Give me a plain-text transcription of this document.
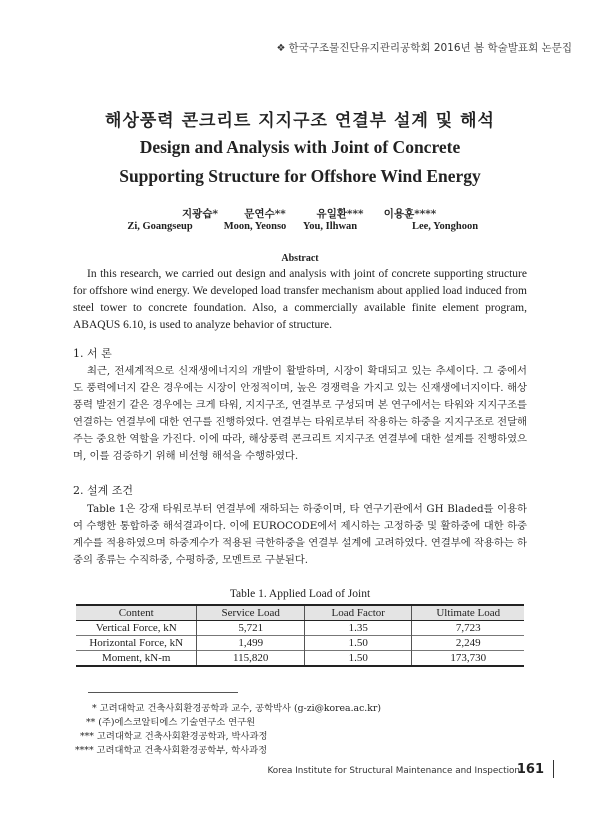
❖ 한국구조물진단유지관리공학회 2016년 봄 학술발표회 논문집
해상풍력 콘크리트 지지구조 연결부 설계 및 해석
Design and Analysis with Joint of Concrete
Supporting Structure for Offshore Wind Energy
지광습*	문연수**	유일환***	이용훈****
Zi, Goangseup	Moon, Yeonso	You, Ilhwan	Lee, Yonghoon
Abstract
In this research, we carried out design and analysis with joint of concrete supporting structure for offshore wind energy. We developed load transfer mechanism about applied load induced from steel tower to concrete foundation. Also, a commercially available finite element program, ABAQUS 6.10, is used to analyze behavior of structure.
1. 서 론
최근, 전세계적으로 신재생에너지의 개발이 활발하며, 시장이 확대되고 있는 추세이다. 그 중에서도 풍력에너지 같은 경우에는 시장이 안정적이며, 높은 경쟁력을 가지고 있는 신재생에너지이다. 해상풍력 발전기 같은 경우에는 크게 타워, 지지구조, 연결부로 구성되며 본 연구에서는 타워와 지지구조를 연결하는 연결부에 대한 연구를 진행하였다. 연결부는 타워로부터 작용하는 하중을 지지구조로 전달해주는 중요한 역할을 가진다. 이에 따라, 해상풍력 콘크리트 지지구조 연결부에 대한 설계를 진행하였으며, 이를 검증하기 위해 비선형 해석을 수행하였다.
2. 설계 조건
Table 1은 강재 타워로부터 연결부에 재하되는 하중이며, 타 연구기관에서 GH Bladed를 이용하여 수행한 통합하중 해석결과이다. 이에 EUROCODE에서 제시하는 고정하중 및 활하중에 대한 하중계수를 적용하였으며 하중계수가 적용된 극한하중을 연결부 설계에 고려하였다. 연결부에 작용하는 하중의 종류는 수직하중, 수평하중, 모멘트로 구분된다.
Table 1. Applied Load of Joint
Content	Service Load	Load Factor	Ultimate Load
Vertical Force, kN	5,721	1.35	7,723
Horizontal Force, kN	1,499	1.50	2,249
Moment, kN-m	115,820	1.50	173,730
* 고려대학교 건축사회환경공학과 교수, 공학박사 (g-zi@korea.ac.kr)
** (주)에스코알티에스 기술연구소 연구원
*** 고려대학교 건축사회환경공학과, 박사과정
**** 고려대학교 건축사회환경공학부, 학사과정
Korea Institute for Structural Maintenance and Inspection
161
